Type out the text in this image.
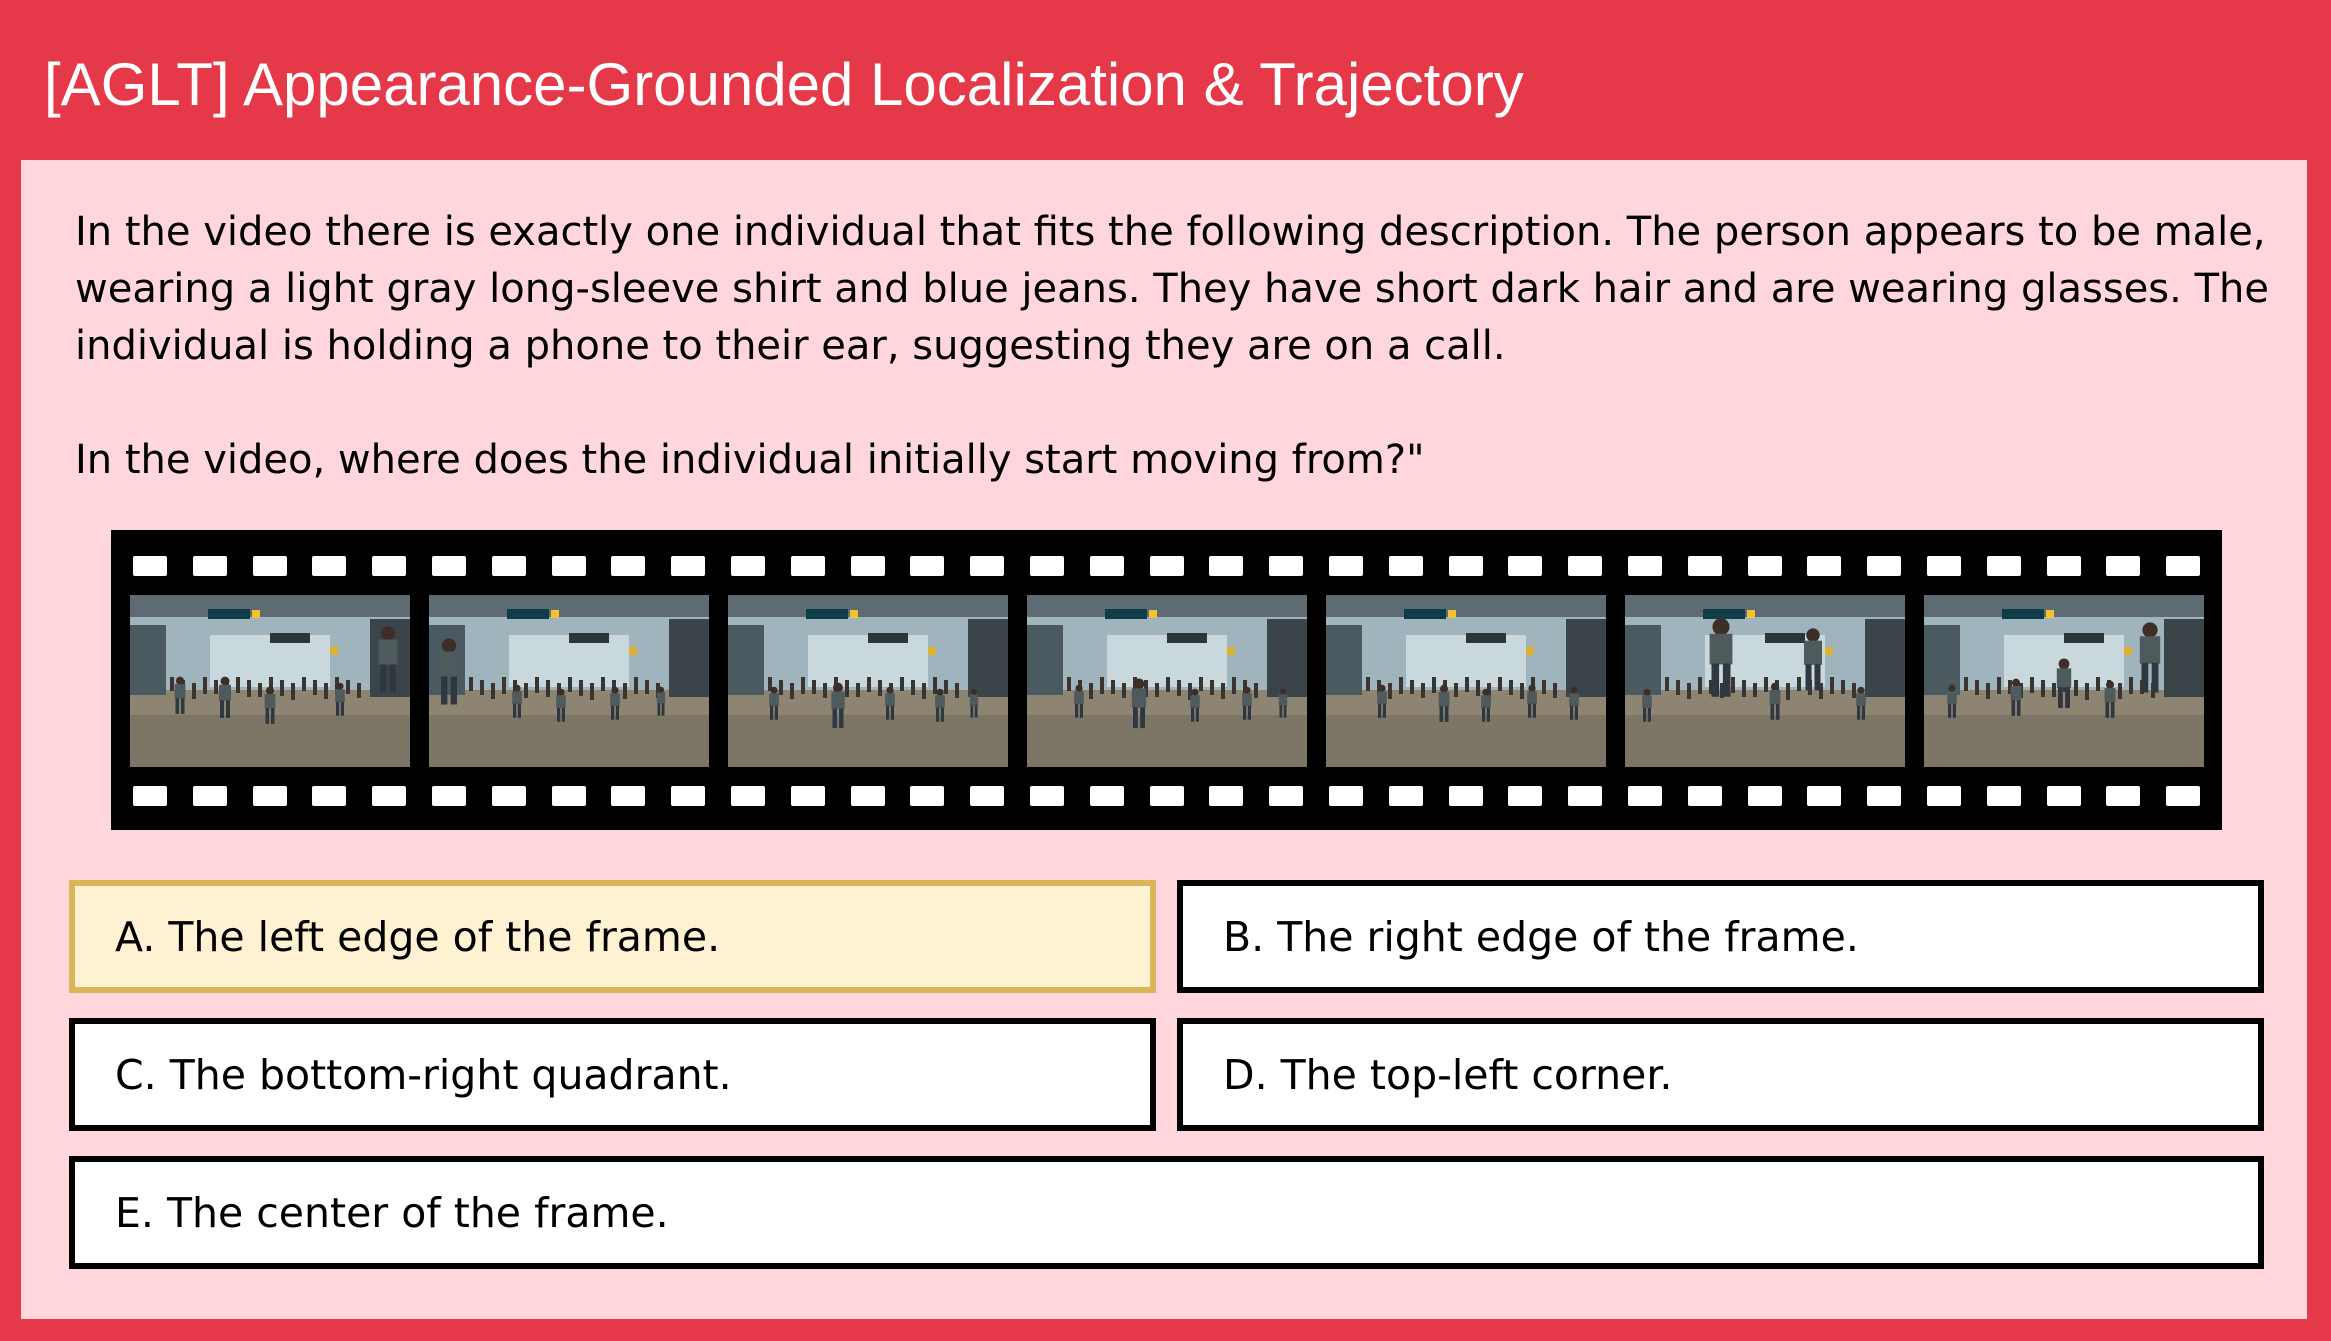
[AGLT] Appearance-Grounded Localization & Trajectory

In the video there is exactly one individual that fits the following description. The person appears to be male, wearing a light gray long-sleeve shirt and blue jeans. They have short dark hair and are wearing glasses. The individual is holding a phone to their ear, suggesting they are on a call.

In the video, where does the individual initially start moving from?"

A. The left edge of the frame.	B. The right edge of the frame.
C. The bottom-right quadrant.	D. The top-left corner.
E. The center of the frame.
